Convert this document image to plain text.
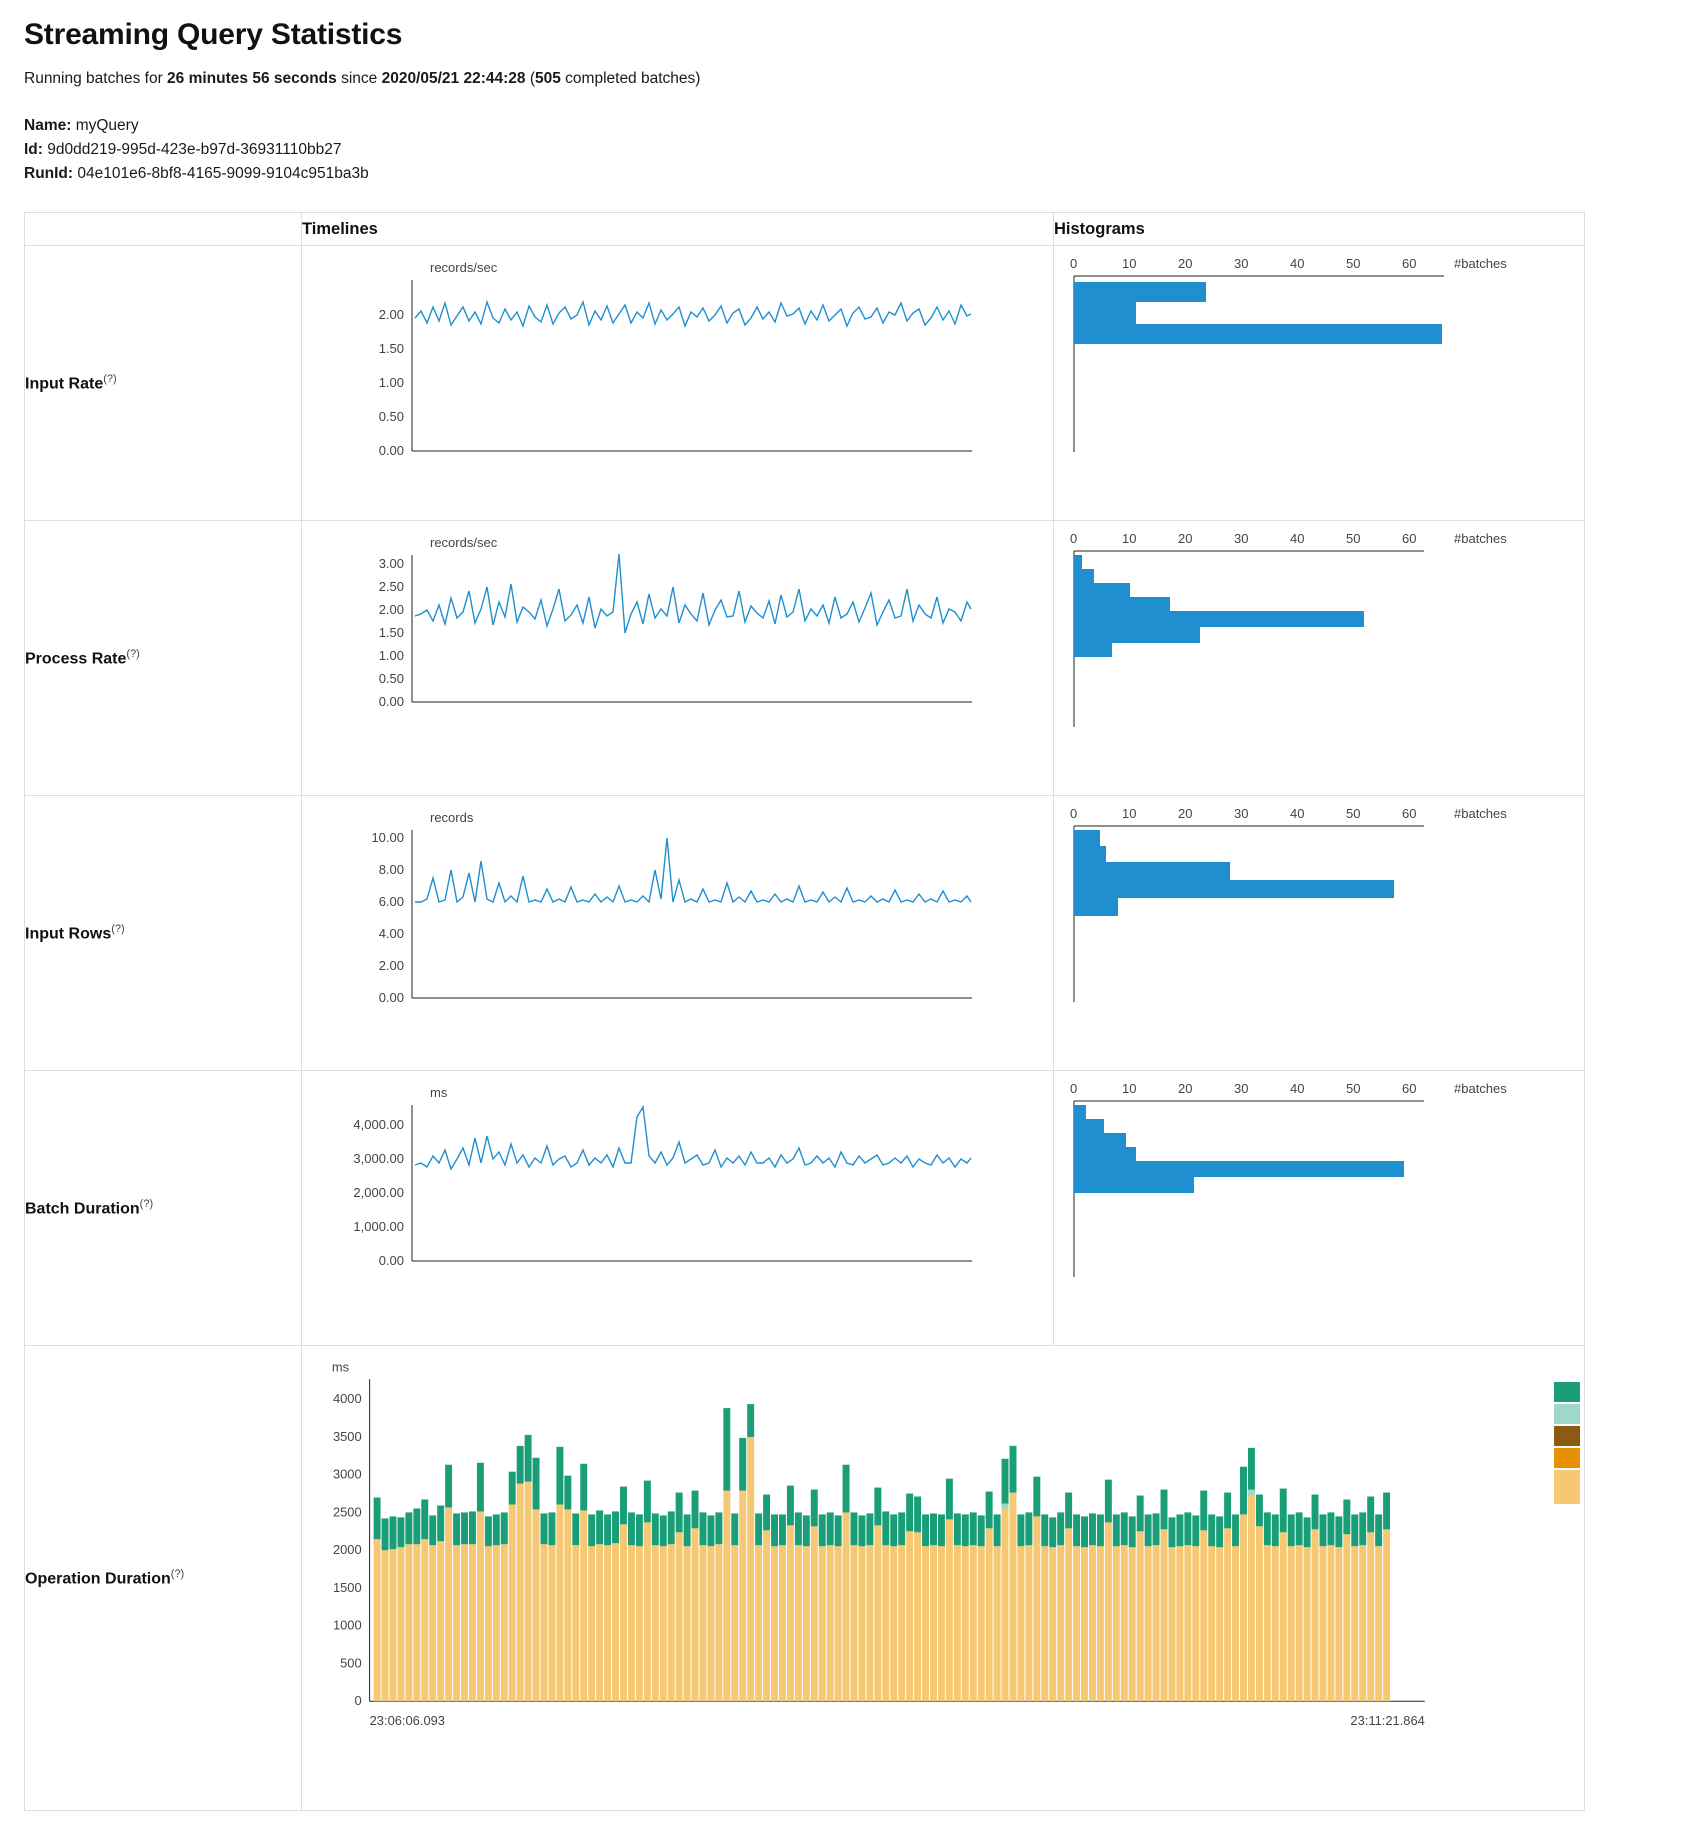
Streaming Query Statistics

Running batches for 26 minutes 56 seconds since 2020/05/21 22:44:28 (505 completed batches)

Name: myQuery
Id: 9d0dd219-995d-423e-b97d-36931110bb27
RunId: 04e101e6-8bf8-4165-9099-9104c951ba3b
	Timelines	Histograms
Input Rate(?)	
records/sec
2.00
1.50
1.00
0.50
0.00

0	10	20	30	40	50	60	#batches

Process Rate(?)	
records/sec
3.00
2.50
2.00
1.50
1.00
0.50
0.00

0	10	20	30	40	50	60	#batches

Input Rows(?)	
records
10.00
8.00
6.00
4.00
2.00
0.00

0	10	20	30	40	50	60	#batches

Batch Duration(?)	
ms
4,000.00
3,000.00
2,000.00
1,000.00
0.00

0	10	20	30	40	50	60	#batches

Operation Duration(?)	
ms
4000
3500
3000
2500
2000
1500
1000
500
0
23:06:06.093	23:11:21.864
